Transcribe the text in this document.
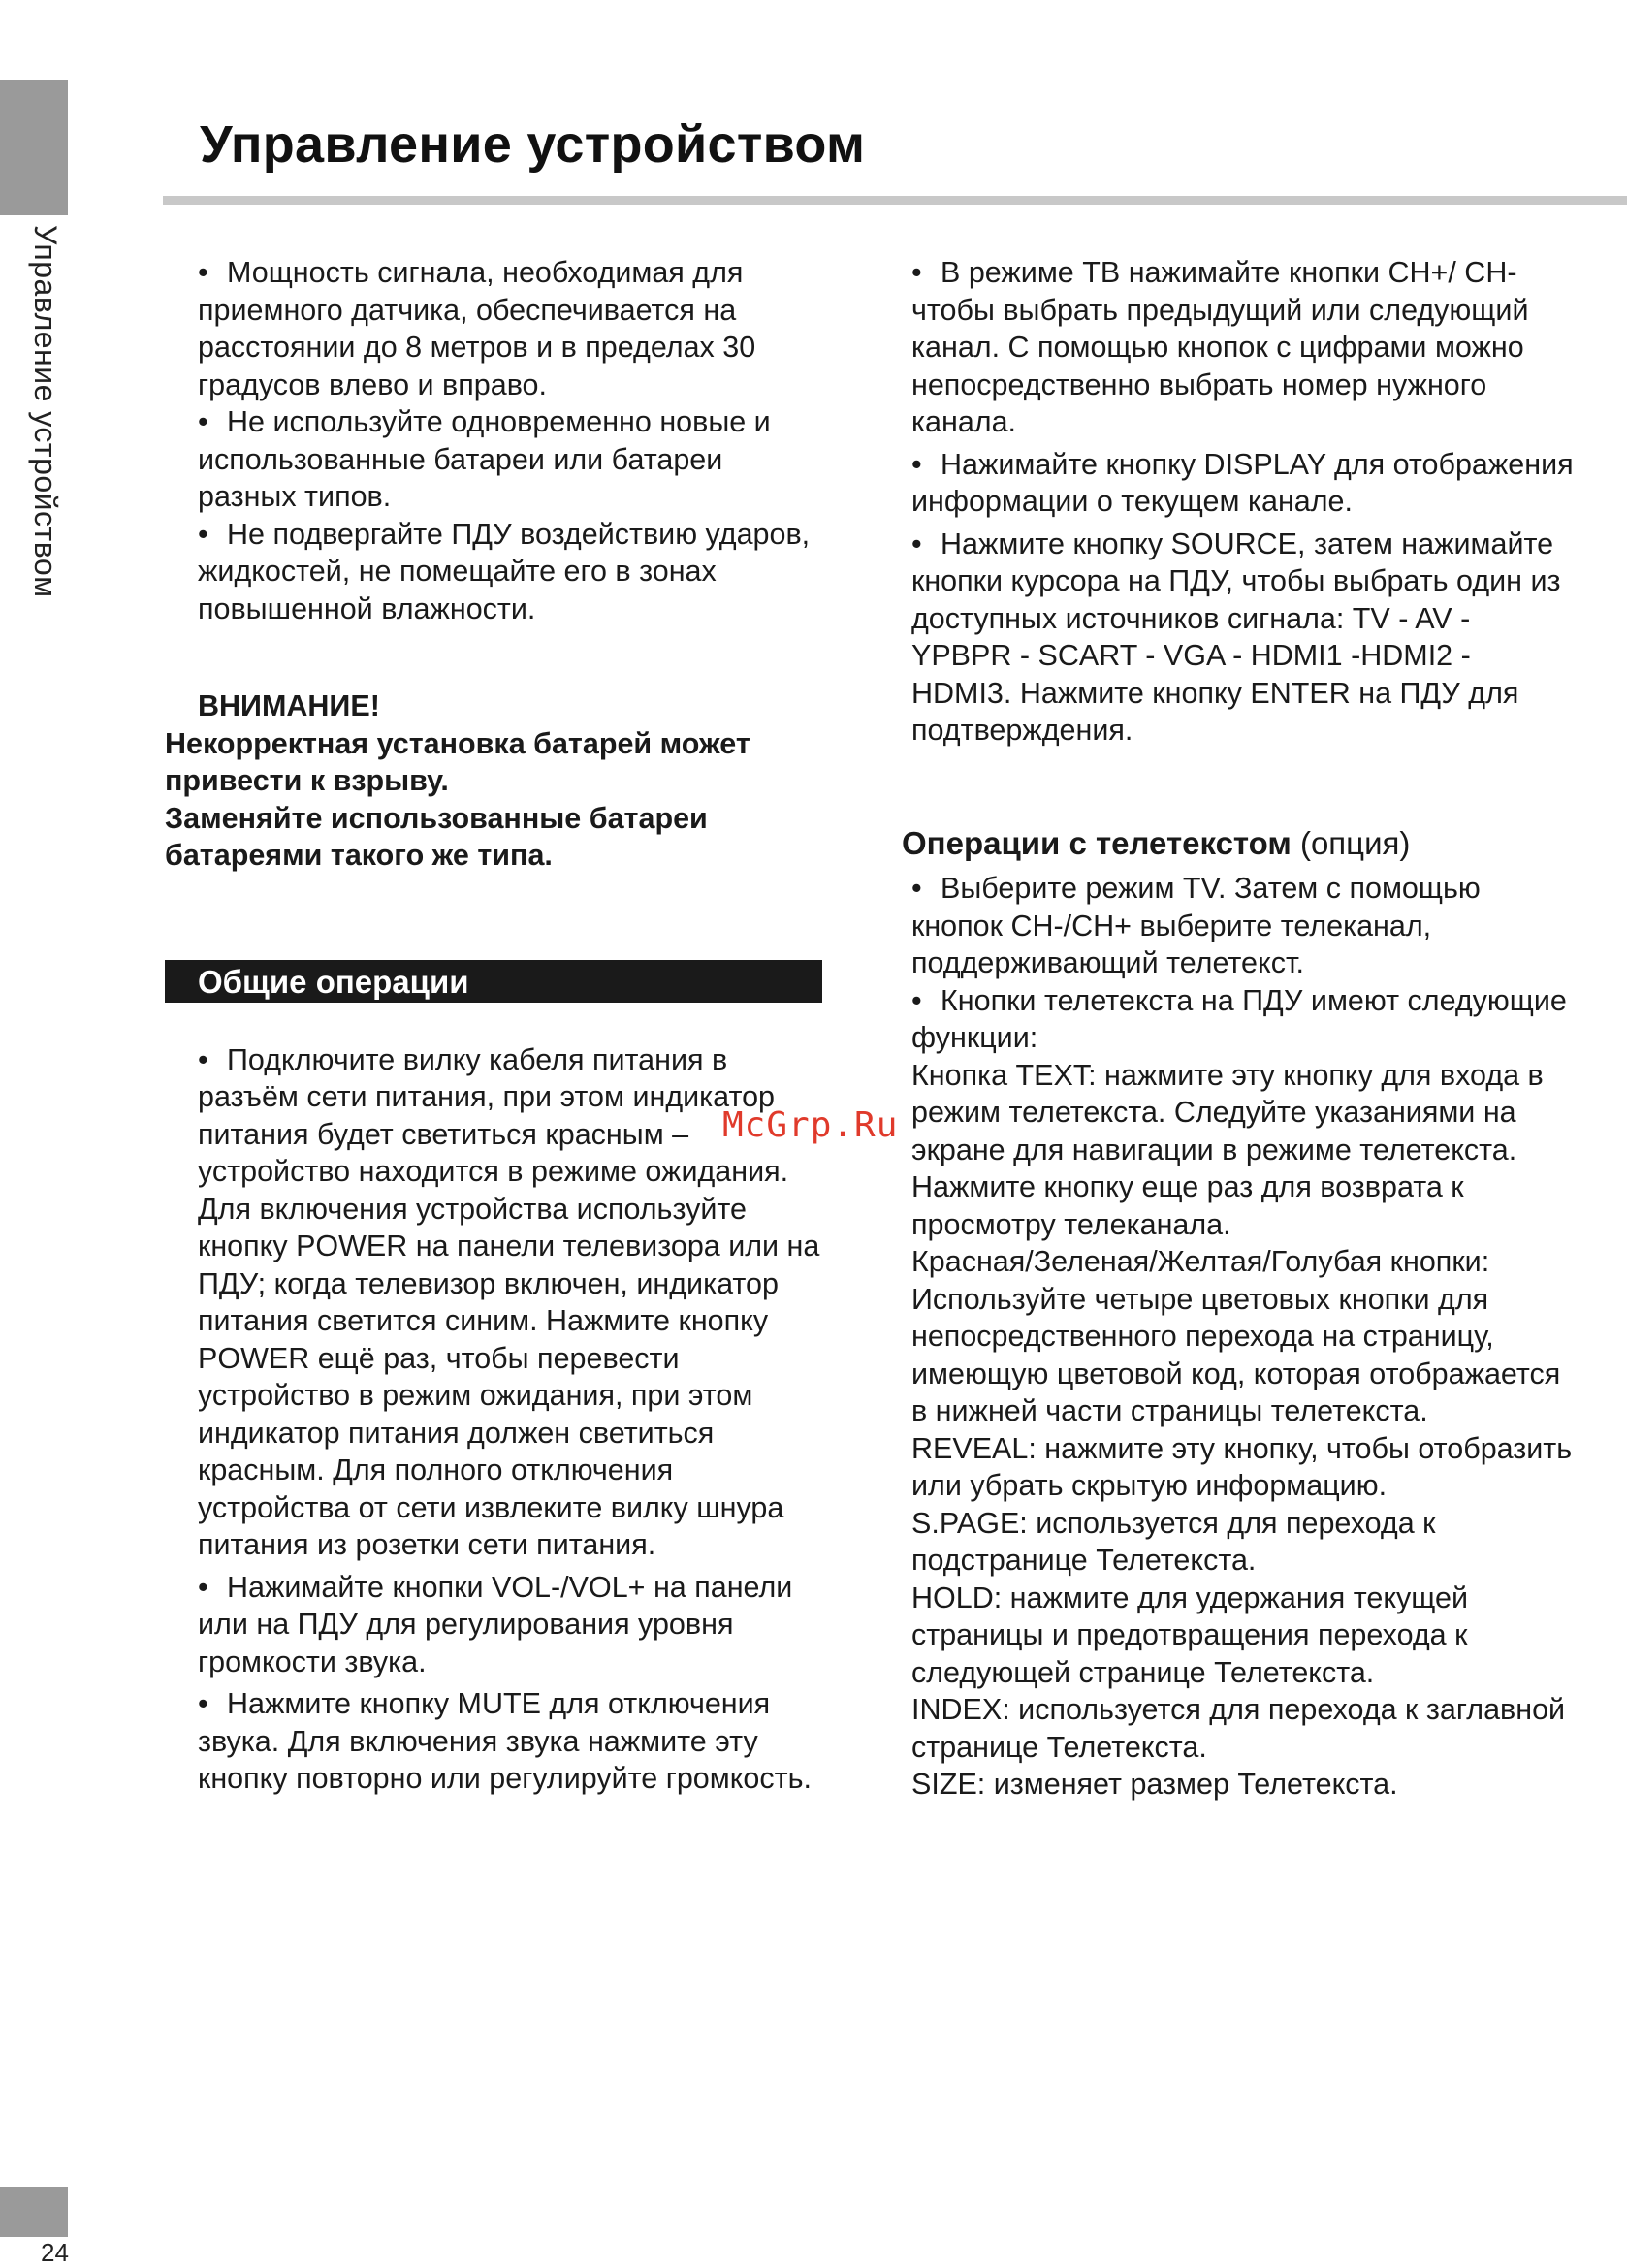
Управление устройством
24
Управление устройством

• Мощность сигнала, необходимая для приемного датчика, обеспечивается на расстоянии до 8 метров и в пределах 30 градусов влево и вправо.

• Не используйте одновременно новые и использованные батареи или батареи разных типов.

• Не подвергайте ПДУ воздействию ударов, жидкостей, не помещайте его в зонах повышенной влажности.

ВНИМАНИЕ!

Некорректная установка батарей может привести к взрыву.

Заменяйте использованные батареи батареями такого же типа.

Общие операции

• Подключите вилку кабеля питания в разъём сети питания, при этом индикатор питания будет светиться красным – устройство находится в режиме ожидания. Для включения устройства используйте кнопку POWER на панели телевизора или на ПДУ; когда телевизор включен, индикатор питания светится синим. Нажмите кнопку POWER ещё раз, чтобы перевести устройство в режим ожидания, при этом индикатор питания должен светиться красным. Для полного отключения устройства от сети извлеките вилку шнура питания из розетки сети питания.

• Нажимайте кнопки VOL-/VOL+ на панели или на ПДУ для регулирования уровня громкости звука.

• Нажмите кнопку MUTE для отключения звука. Для включения звука нажмите эту кнопку повторно или регулируйте громкость.

• В режиме ТВ нажимайте кнопки CH+/ CH- чтобы выбрать предыдущий или следующий канал. С помощью кнопок с цифрами можно непосредственно выбрать номер нужного канала.

• Нажимайте кнопку DISPLAY для отображения информации о текущем канале.

• Нажмите кнопку SOURCE, затем нажимайте кнопки курсора на ПДУ, чтобы выбрать один из доступных источников сигнала: TV - AV - YPBPR - SCART - VGA - HDMI1 -HDMI2 - HDMI3. Нажмите кнопку ENTER на ПДУ для подтверждения.

Операции с телетекстом (опция)

• Выберите режим TV. Затем с помощью кнопок CH-/CH+ выберите телеканал, поддерживающий телетекст.

• Кнопки телетекста на ПДУ имеют следующие функции:

Кнопка TEXT: нажмите эту кнопку для входа в режим телетекста. Следуйте указаниями на экране для навигации в режиме телетекста. Нажмите кнопку еще раз для возврата к просмотру телеканала.

Красная/Зеленая/Желтая/Голубая кнопки: Используйте четыре цветовых кнопки для непосредственного перехода на страницу, имеющую цветовой код, которая отображается в нижней части страницы телетекста.

REVEAL: нажмите эту кнопку, чтобы отобразить или убрать скрытую информацию.

S.PAGE: используется для перехода к подстранице Телетекста.

HOLD: нажмите для удержания текущей страницы и предотвращения перехода к следующей странице Телетекста.

INDEX: используется для перехода к заглавной странице Телетекста.

SIZE: изменяет размер Телетекста.

McGrp.Ru
